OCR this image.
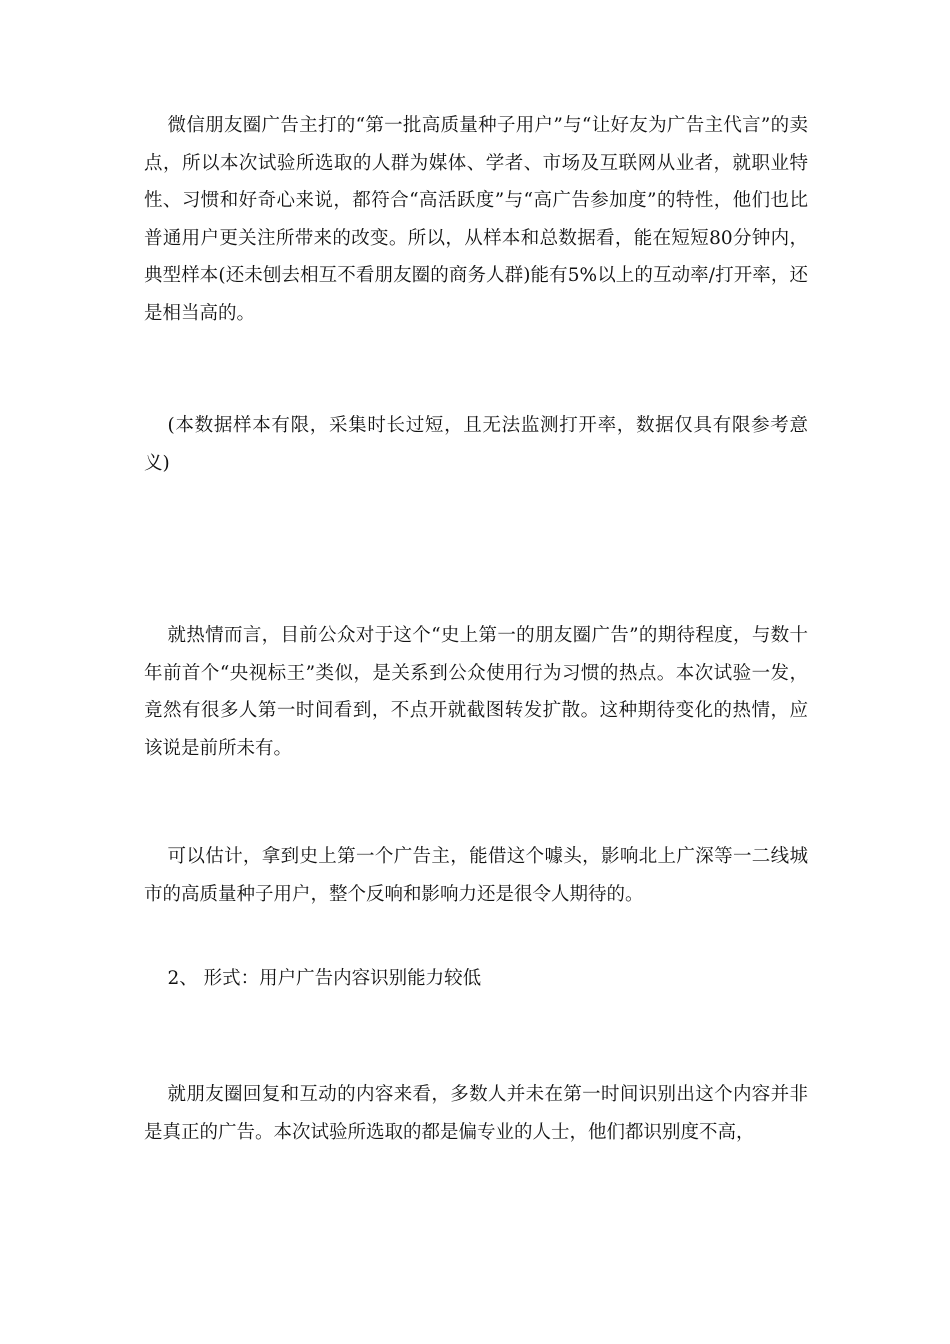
微信朋友圈广告主打的“第一批高质量种子用户”与“让好友为广告主代言”的卖点，所以本次试验所选取的人群为媒体、学者、市场及互联网从业者，就职业特性、习惯和好奇心来说，都符合“高活跃度”与“高广告参加度”的特性，他们也比普通用户更关注所带来的改变。所以，从样本和总数据看，能在短短80分钟内，典型样本(还未刨去相互不看朋友圈的商务人群)能有5%以上的互动率/打开率，还是相当高的。

(本数据样本有限，采集时长过短，且无法监测打开率，数据仅具有限参考意义)

就热情而言，目前公众对于这个“史上第一的朋友圈广告”的期待程度，与数十年前首个“央视标王”类似，是关系到公众使用行为习惯的热点。本次试验一发，竟然有很多人第一时间看到，不点开就截图转发扩散。这种期待变化的热情，应该说是前所未有。

可以估计，拿到史上第一个广告主，能借这个噱头，影响北上广深等一二线城市的高质量种子用户，整个反响和影响力还是很令人期待的。

2、 形式：用户广告内容识别能力较低

就朋友圈回复和互动的内容来看，多数人并未在第一时间识别出这个内容并非是真正的广告。本次试验所选取的都是偏专业的人士，他们都识别度不高，
